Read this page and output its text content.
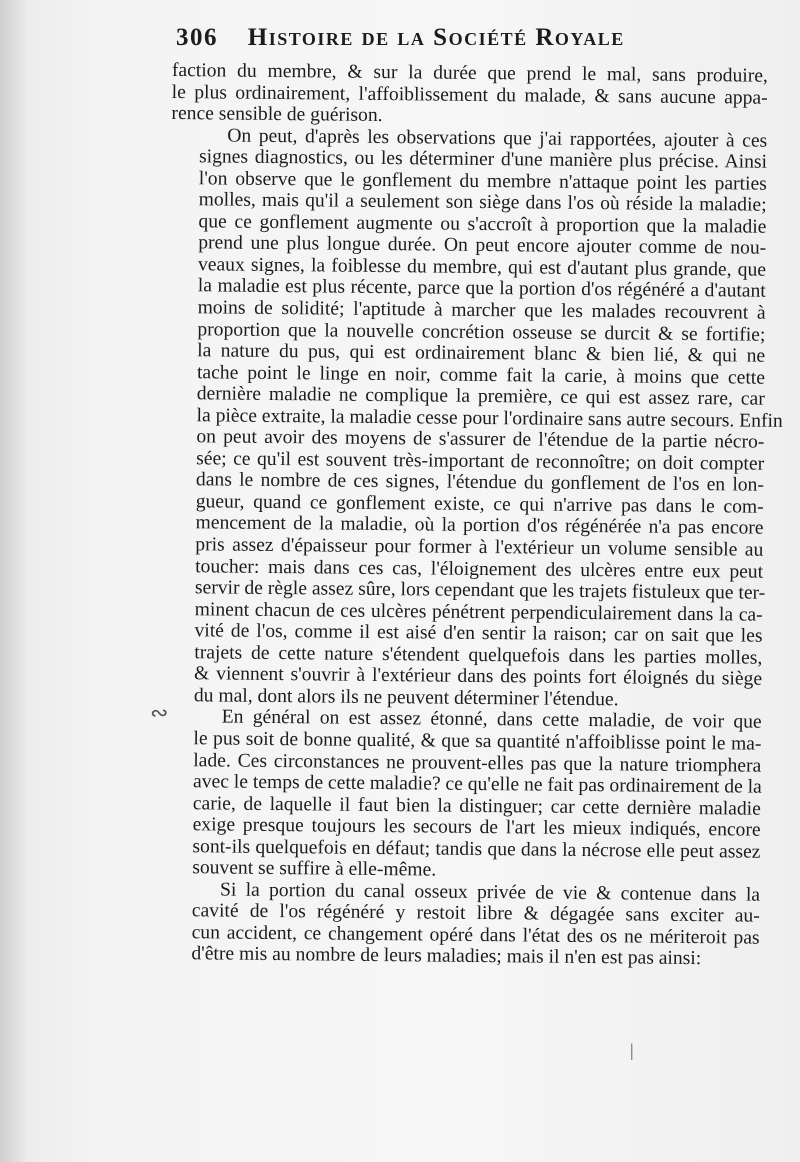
306 Histoire de la Société Royale

faction du membre, & sur la durée que prend le mal, sans produire,
le plus ordinairement, l'affoiblissement du malade, & sans aucune appa-
rence sensible de guérison.

On peut, d'après les observations que j'ai rapportées, ajouter à ces
signes diagnostics, ou les déterminer d'une manière plus précise. Ainsi
l'on observe que le gonflement du membre n'attaque point les parties
molles, mais qu'il a seulement son siège dans l'os où réside la maladie;
que ce gonflement augmente ou s'accroît à proportion que la maladie
prend une plus longue durée. On peut encore ajouter comme de nou-
veaux signes, la foiblesse du membre, qui est d'autant plus grande, que
la maladie est plus récente, parce que la portion d'os régénéré a d'autant
moins de solidité; l'aptitude à marcher que les malades recouvrent à
proportion que la nouvelle concrétion osseuse se durcit & se fortifie;
la nature du pus, qui est ordinairement blanc & bien lié, & qui ne
tache point le linge en noir, comme fait la carie, à moins que cette
dernière maladie ne complique la première, ce qui est assez rare, car
la pièce extraite, la maladie cesse pour l'ordinaire sans autre secours. Enfin
on peut avoir des moyens de s'assurer de l'étendue de la partie nécro-
sée; ce qu'il est souvent très-important de reconnoître; on doit compter
dans le nombre de ces signes, l'étendue du gonflement de l'os en lon-
gueur, quand ce gonflement existe, ce qui n'arrive pas dans le com-
mencement de la maladie, où la portion d'os régénérée n'a pas encore
pris assez d'épaisseur pour former à l'extérieur un volume sensible au
toucher: mais dans ces cas, l'éloignement des ulcères entre eux peut
servir de règle assez sûre, lors cependant que les trajets fistuleux que ter-
minent chacun de ces ulcères pénétrent perpendiculairement dans la ca-
vité de l'os, comme il est aisé d'en sentir la raison; car on sait que les
trajets de cette nature s'étendent quelquefois dans les parties molles,
& viennent s'ouvrir à l'extérieur dans des points fort éloignés du siège
du mal, dont alors ils ne peuvent déterminer l'étendue.

En général on est assez étonné, dans cette maladie, de voir que
le pus soit de bonne qualité, & que sa quantité n'affoiblisse point le ma-
lade. Ces circonstances ne prouvent-elles pas que la nature triomphera
avec le temps de cette maladie? ce qu'elle ne fait pas ordinairement de la
carie, de laquelle il faut bien la distinguer; car cette dernière maladie
exige presque toujours les secours de l'art les mieux indiqués, encore
sont-ils quelquefois en défaut; tandis que dans la nécrose elle peut assez
souvent se suffire à elle-même.

Si la portion du canal osseux privée de vie & contenue dans la
cavité de l'os régénéré y restoit libre & dégagée sans exciter au-
cun accident, ce changement opéré dans l'état des os ne mériteroit pas
d'être mis au nombre de leurs maladies; mais il n'en est pas ainsi:

∾
|
